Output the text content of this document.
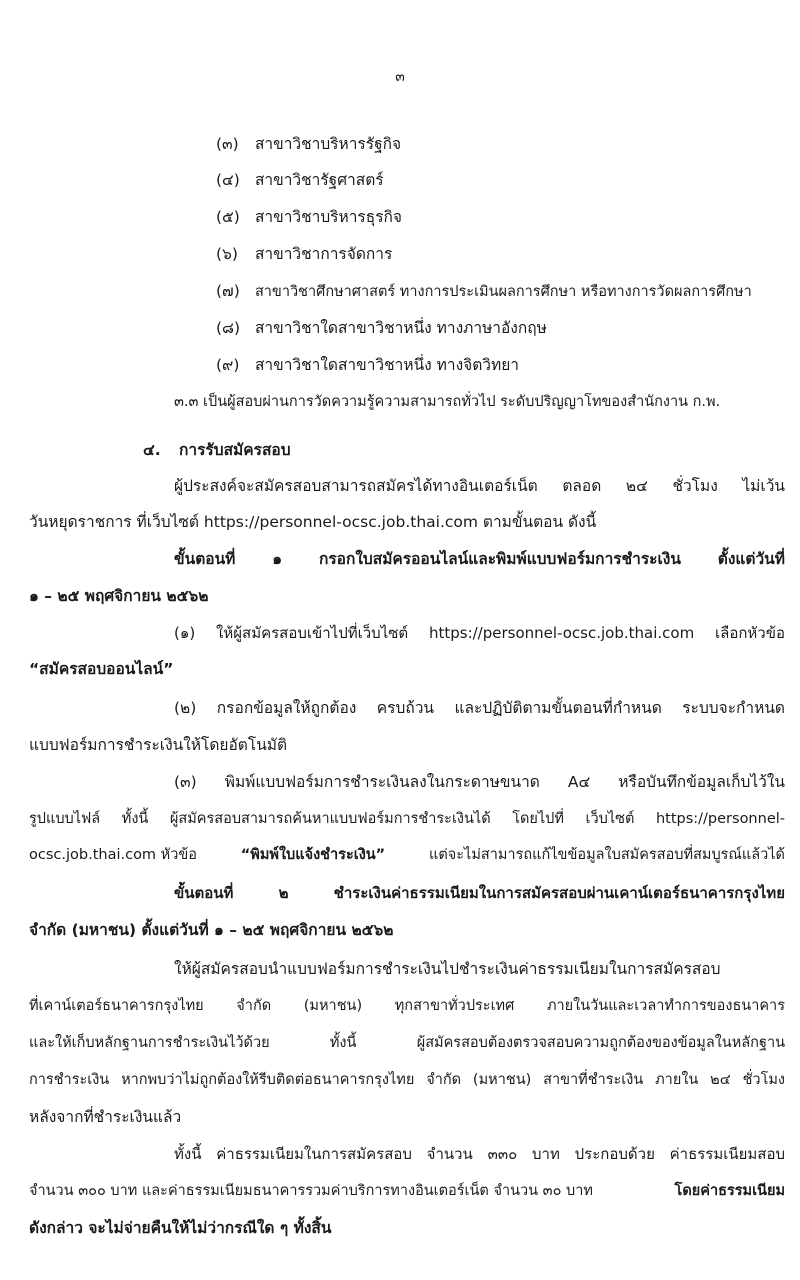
๓
(๓) สาขาวิชาบริหารรัฐกิจ
(๔) สาขาวิชารัฐศาสตร์
(๕) สาขาวิชาบริหารธุรกิจ
(๖) สาขาวิชาการจัดการ
(๗) สาขาวิชาศึกษาศาสตร์ ทางการประเมินผลการศึกษา หรือทางการวัดผลการศึกษา
(๘) สาขาวิชาใดสาขาวิชาหนึ่ง ทางภาษาอังกฤษ
(๙) สาขาวิชาใดสาขาวิชาหนึ่ง ทางจิตวิทยา
๓.๓ เป็นผู้สอบผ่านการวัดความรู้ความสามารถทั่วไป ระดับปริญญาโทของสำนักงาน ก.พ.
๔. การรับสมัครสอบ
ผู้ประสงค์จะสมัครสอบสามารถสมัครได้ทางอินเตอร์เน็ต ตลอด ๒๔ ชั่วโมง ไม่เว้น
วันหยุดราชการ ที่เว็บไซต์ https://personnel-ocsc.job.thai.com ตามขั้นตอน ดังนี้
ขั้นตอนที่ ๑ กรอกใบสมัครออนไลน์และพิมพ์แบบฟอร์มการชำระเงิน ตั้งแต่วันที่
๑ – ๒๕ พฤศจิกายน ๒๕๖๒
(๑) ให้ผู้สมัครสอบเข้าไปที่เว็บไซต์ https://personnel-ocsc.job.thai.com เลือกหัวข้อ
“สมัครสอบออนไลน์”
(๒) กรอกข้อมูลให้ถูกต้อง ครบถ้วน และปฏิบัติตามขั้นตอนที่กำหนด ระบบจะกำหนด
แบบฟอร์มการชำระเงินให้โดยอัตโนมัติ
(๓) พิมพ์แบบฟอร์มการชำระเงินลงในกระดาษขนาด A๔ หรือบันทึกข้อมูลเก็บไว้ใน
รูปแบบไฟล์ ทั้งนี้ ผู้สมัครสอบสามารถค้นหาแบบฟอร์มการชำระเงินได้ โดยไปที่ เว็บไซต์ https://personnel-
ocsc.job.thai.com หัวข้อ	“พิมพ์ใบแจ้งชำระเงิน”	แต่จะไม่สามารถแก้ไขข้อมูลใบสมัครสอบที่สมบูรณ์แล้วได้
ขั้นตอนที่ ๒ ชำระเงินค่าธรรมเนียมในการสมัครสอบผ่านเคาน์เตอร์ธนาคารกรุงไทย
จำกัด (มหาชน) ตั้งแต่วันที่ ๑ – ๒๕ พฤศจิกายน ๒๕๖๒
ให้ผู้สมัครสอบนำแบบฟอร์มการชำระเงินไปชำระเงินค่าธรรมเนียมในการสมัครสอบ
ที่เคาน์เตอร์ธนาคารกรุงไทย จำกัด (มหาชน) ทุกสาขาทั่วประเทศ ภายในวันและเวลาทำการของธนาคาร
และให้เก็บหลักฐานการชำระเงินไว้ด้วย ทั้งนี้ ผู้สมัครสอบต้องตรวจสอบความถูกต้องของข้อมูลในหลักฐาน
การชำระเงิน หากพบว่าไม่ถูกต้องให้รีบติดต่อธนาคารกรุงไทย จำกัด (มหาชน) สาขาที่ชำระเงิน ภายใน ๒๔ ชั่วโมง
หลังจากที่ชำระเงินแล้ว
ทั้งนี้ ค่าธรรมเนียมในการสมัครสอบ จำนวน ๓๓๐ บาท ประกอบด้วย ค่าธรรมเนียมสอบ
จำนวน ๓๐๐ บาท และค่าธรรมเนียมธนาคารรวมค่าบริการทางอินเตอร์เน็ต จำนวน ๓๐ บาท	โดยค่าธรรมเนียม
ดังกล่าว จะไม่จ่ายคืนให้ไม่ว่ากรณีใด ๆ ทั้งสิ้น
